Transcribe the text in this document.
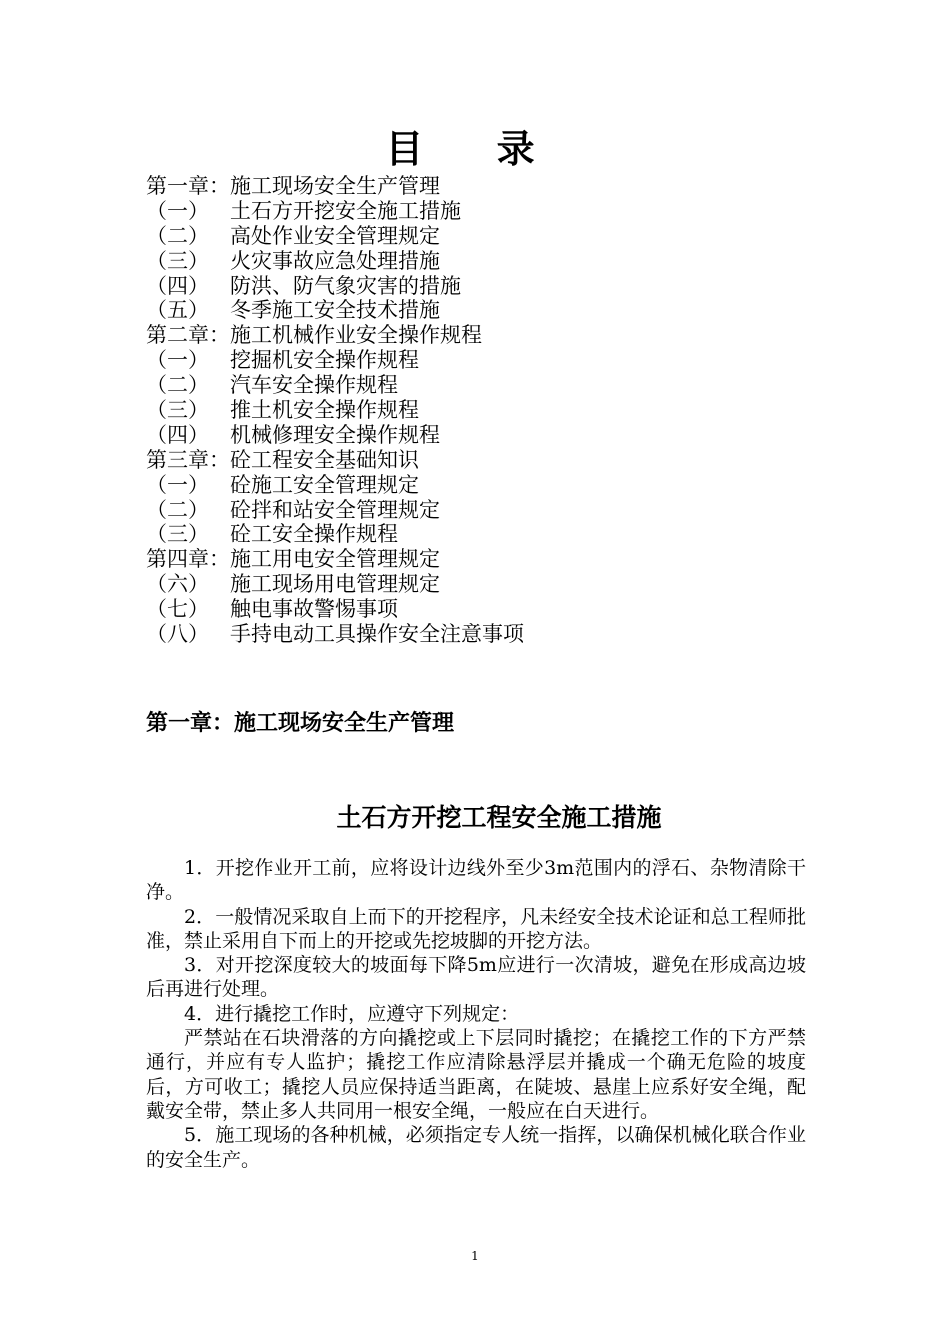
目 录
第一章：施工现场安全生产管理
（一） 土石方开挖安全施工措施
（二） 高处作业安全管理规定
（三） 火灾事故应急处理措施
（四） 防洪、防气象灾害的措施
（五） 冬季施工安全技术措施
第二章：施工机械作业安全操作规程
（一） 挖掘机安全操作规程
（二） 汽车安全操作规程
（三） 推土机安全操作规程
（四） 机械修理安全操作规程
第三章：砼工程安全基础知识
（一） 砼施工安全管理规定
（二） 砼拌和站安全管理规定
（三） 砼工安全操作规程
第四章：施工用电安全管理规定
（六） 施工现场用电管理规定
（七） 触电事故警惕事项
（八） 手持电动工具操作安全注意事项
第一章：施工现场安全生产管理
土石方开挖工程安全施工措施

1．开挖作业开工前，应将设计边线外至少3m范围内的浮石、杂物清除干净。

2．一般情况采取自上而下的开挖程序，凡未经安全技术论证和总工程师批准，禁止采用自下而上的开挖或先挖坡脚的开挖方法。

3．对开挖深度较大的坡面每下降5m应进行一次清坡，避免在形成高边坡后再进行处理。

4．进行撬挖工作时，应遵守下列规定：

严禁站在石块滑落的方向撬挖或上下层同时撬挖；在撬挖工作的下方严禁通行，并应有专人监护；撬挖工作应清除悬浮层并撬成一个确无危险的坡度后，方可收工；撬挖人员应保持适当距离，在陡坡、悬崖上应系好安全绳，配戴安全带，禁止多人共同用一根安全绳，一般应在白天进行。

5．施工现场的各种机械，必须指定专人统一指挥，以确保机械化联合作业的安全生产。

1
